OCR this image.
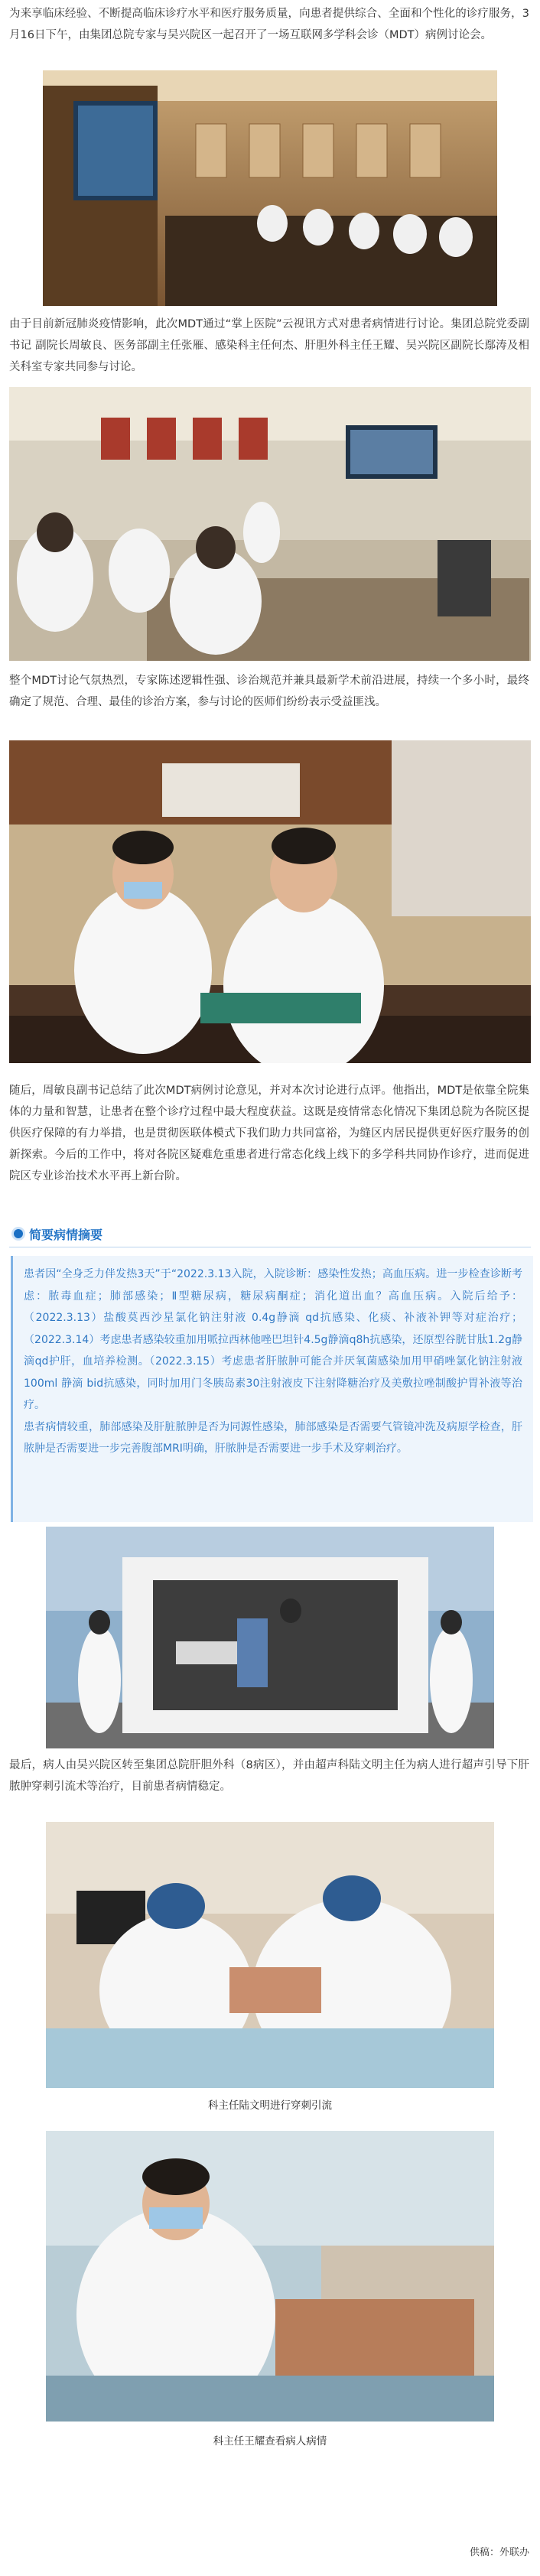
为来享临床经验、不断提高临床诊疗水平和医疗服务质量，向患者提供综合、全面和个性化的诊疗服务，3月16日下午，由集团总院专家与吴兴院区一起召开了一场互联网多学科会诊（MDT）病例讨论会。

由于目前新冠肺炎疫情影响，此次MDT通过“掌上医院”云视讯方式对患者病情进行讨论。集团总院党委副书记 副院长周敏良、医务部副主任张雁、感染科主任何杰、肝胆外科主任王耀、吴兴院区副院长鄢涛及相关科室专家共同参与讨论。

整个MDT讨论气氛热烈，专家陈述逻辑性强、诊治规范并兼具最新学术前沿进展，持续一个多小时，最终确定了规范、合理、最佳的诊治方案，参与讨论的医师们纷纷表示受益匪浅。

随后，周敏良副书记总结了此次MDT病例讨论意见，并对本次讨论进行点评。他指出，MDT是依靠全院集体的力量和智慧，让患者在整个诊疗过程中最大程度获益。这既是疫情常态化情况下集团总院为各院区提供医疗保障的有力举措，也是贯彻医联体模式下我们助力共同富裕，为缝区内居民提供更好医疗服务的创新探索。今后的工作中，将对各院区疑难危重患者进行常态化线上线下的多学科共同协作诊疗，进而促进院区专业诊治技术水平再上新台阶。

简要病情摘要

患者因“全身乏力伴发热3天”于“2022.3.13入院，入院诊断：感染性发热；高血压病。进一步检查诊断考虑：脓毒血症；肺部感染；Ⅱ型糖尿病，糖尿病酮症；消化道出血？高血压病。入院后给予：（2022.3.13）盐酸莫西沙星氯化钠注射液 0.4g静滴 qd抗感染、化痰、补液补钾等对症治疗；（2022.3.14）考虑患者感染较重加用哌拉西林他唑巴坦针4.5g静滴q8h抗感染，还原型谷胱甘肽1.2g静滴qd护肝，血培养检测。（2022.3.15）考虑患者肝脓肿可能合并厌氧菌感染加用甲硝唑氯化钠注射液100ml 静滴 bid抗感染，同时加用门冬胰岛素30注射液皮下注射降糖治疗及美敷拉唑制酸护胃补液等治疗。

患者病情较重，肺部感染及肝脏脓肿是否为同源性感染，肺部感染是否需要气管镜冲洗及病原学检查，肝脓肿是否需要进一步完善腹部MRI明确，肝脓肿是否需要进一步手术及穿刺治疗。

最后，病人由吴兴院区转至集团总院肝胆外科（8病区），并由超声科陆文明主任为病人进行超声引导下肝脓肿穿刺引流术等治疗，目前患者病情稳定。

科主任陆文明进行穿刺引流
科主任王耀查看病人病情
供稿：外联办
